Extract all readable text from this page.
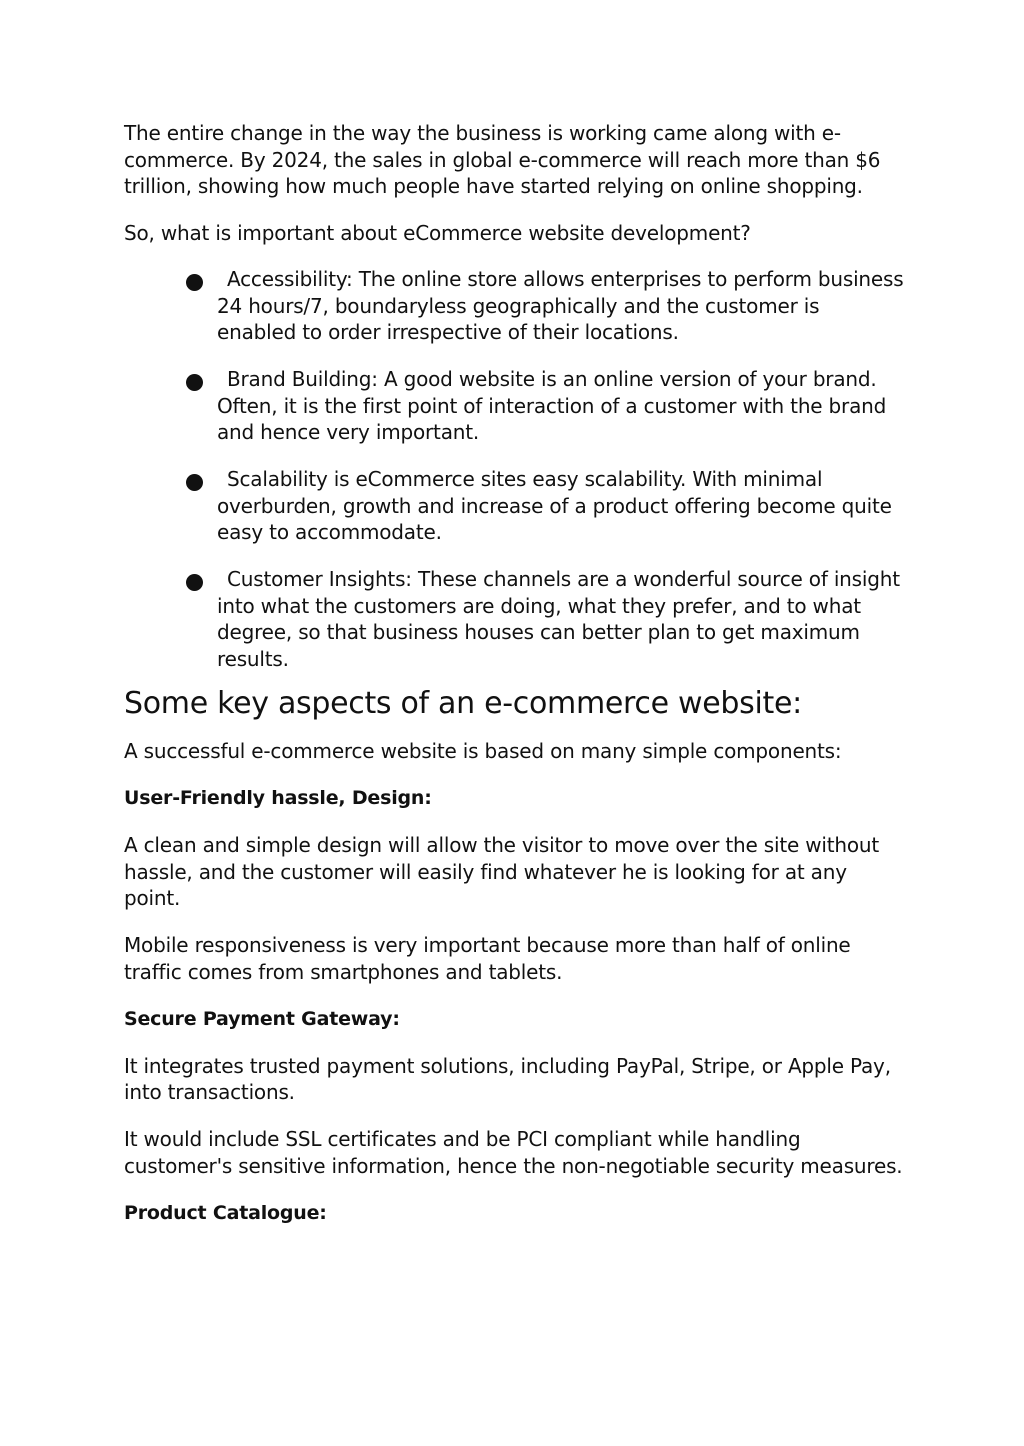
The entire change in the way the business is working came along with e-commerce. By 2024, the sales in global e-commerce will reach more than $6 trillion, showing how much people have started relying on online shopping.

So, what is important about eCommerce website development?

Accessibility: The online store allows enterprises to perform business 24 hours/7, boundaryless geographically and the customer is enabled to order irrespective of their locations.
Brand Building: A good website is an online version of your brand. Often, it is the first point of interaction of a customer with the brand and hence very important.
Scalability is eCommerce sites easy scalability. With minimal overburden, growth and increase of a product offering become quite easy to accommodate.
Customer Insights: These channels are a wonderful source of insight into what the customers are doing, what they prefer, and to what degree, so that business houses can better plan to get maximum results.
Some key aspects of an e-commerce website:

A successful e-commerce website is based on many simple components:

User-Friendly hassle, Design:

A clean and simple design will allow the visitor to move over the site without hassle, and the customer will easily find whatever he is looking for at any point.

Mobile responsiveness is very important because more than half of online traffic comes from smartphones and tablets.

Secure Payment Gateway:

It integrates trusted payment solutions, including PayPal, Stripe, or Apple Pay, into transactions.

It would include SSL certificates and be PCI compliant while handling customer's sensitive information, hence the non-negotiable security measures.

Product Catalogue:
